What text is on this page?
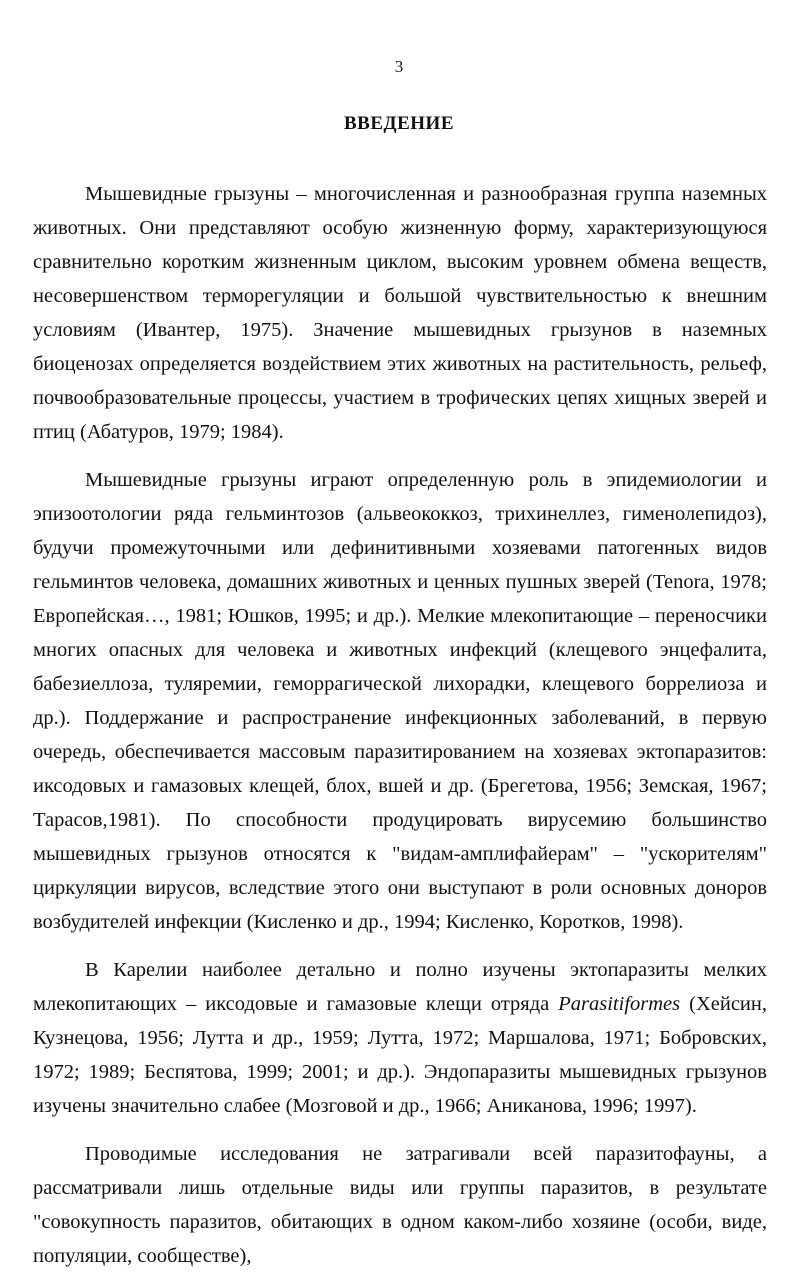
3
ВВЕДЕНИЕ

Мышевидные грызуны – многочисленная и разнообразная группа наземных животных. Они представляют особую жизненную форму, характеризующуюся сравнительно коротким жизненным циклом, высоким уровнем обмена веществ, несовершенством терморегуляции и большой чувствительностью к внешним условиям (Ивантер, 1975). Значение мышевидных грызунов в наземных биоценозах определяется воздействием этих животных на растительность, рельеф, почвообразовательные процессы, участием в трофических цепях хищных зверей и птиц (Абатуров, 1979; 1984).

Мышевидные грызуны играют определенную роль в эпидемиологии и эпизоотологии ряда гельминтозов (альвеококкоз, трихинеллез, гименолепидоз), будучи промежуточными или дефинитивными хозяевами патогенных видов гельминтов человека, домашних животных и ценных пушных зверей (Tenora, 1978; Европейская…, 1981; Юшков, 1995; и др.). Мелкие млекопитающие – переносчики многих опасных для человека и животных инфекций (клещевого энцефалита, бабезиеллоза, туляремии, геморрагической лихорадки, клещевого боррелиоза и др.). Поддержание и распространение инфекционных заболеваний, в первую очередь, обеспечивается массовым паразитированием на хозяевах эктопаразитов: иксодовых и гамазовых клещей, блох, вшей и др. (Брегетова, 1956; Земская, 1967; Тарасов,1981). По способности продуцировать вирусемию большинство мышевидных грызунов относятся к "видам-амплифайерам" – "ускорителям" циркуляции вирусов, вследствие этого они выступают в роли основных доноров возбудителей инфекции (Кисленко и др., 1994; Кисленко, Коротков, 1998).

В Карелии наиболее детально и полно изучены эктопаразиты мелких млекопитающих – иксодовые и гамазовые клещи отряда Parasitiformes (Хейсин, Кузнецова, 1956; Лутта и др., 1959; Лутта, 1972; Маршалова, 1971; Бобровских, 1972; 1989; Беспятова, 1999; 2001; и др.). Эндопаразиты мышевидных грызунов изучены значительно слабее (Мозговой и др., 1966; Аниканова, 1996; 1997).

Проводимые исследования не затрагивали всей паразитофауны, а рассматривали лишь отдельные виды или группы паразитов, в результате "совокупность паразитов, обитающих в одном каком-либо хозяине (особи, виде, популяции, сообществе),
